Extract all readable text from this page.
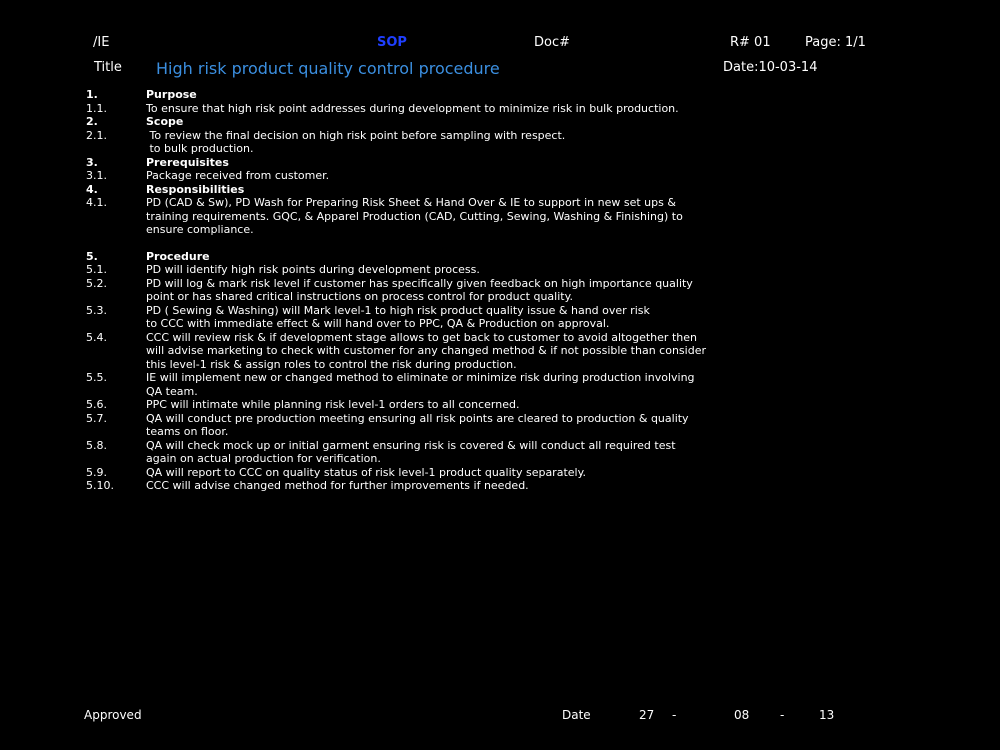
/IE	SOP	Doc#	R# 01	Page: 1/1
Title High risk product quality control procedure	Date:10-03-14
1.	Purpose
1.1.	To ensure that high risk point addresses during development to minimize risk in bulk production.
2.	Scope
2.1.	To review the final decision on high risk point before sampling with respect.
to bulk production.
3.	Prerequisites
3.1.	Package received from customer.
4.	Responsibilities
4.1.	PD (CAD & Sw), PD Wash for Preparing Risk Sheet & Hand Over & IE to support in new set ups &
training requirements. GQC, & Apparel Production (CAD, Cutting, Sewing, Washing & Finishing) to
ensure compliance.
5.	Procedure
5.1.	PD will identify high risk points during development process.
5.2.	PD will log & mark risk level if customer has specifically given feedback on high importance quality
point or has shared critical instructions on process control for product quality.
5.3.	PD ( Sewing & Washing) will Mark level-1 to high risk product quality issue & hand over risk
to CCC with immediate effect & will hand over to PPC, QA & Production on approval.
5.4.	CCC will review risk & if development stage allows to get back to customer to avoid altogether then
will advise marketing to check with customer for any changed method & if not possible than consider
this level-1 risk & assign roles to control the risk during production.
5.5.	IE will implement new or changed method to eliminate or minimize risk during production involving
QA team.
5.6.	PPC will intimate while planning risk level-1 orders to all concerned.
5.7.	QA will conduct pre production meeting ensuring all risk points are cleared to production & quality
teams on floor.
5.8.	QA will check mock up or initial garment ensuring risk is covered & will conduct all required test
again on actual production for verification.
5.9.	QA will report to CCC on quality status of risk level-1 product quality separately.
5.10.	CCC will advise changed method for further improvements if needed.
Approved	Date	27 -	08	-	13
